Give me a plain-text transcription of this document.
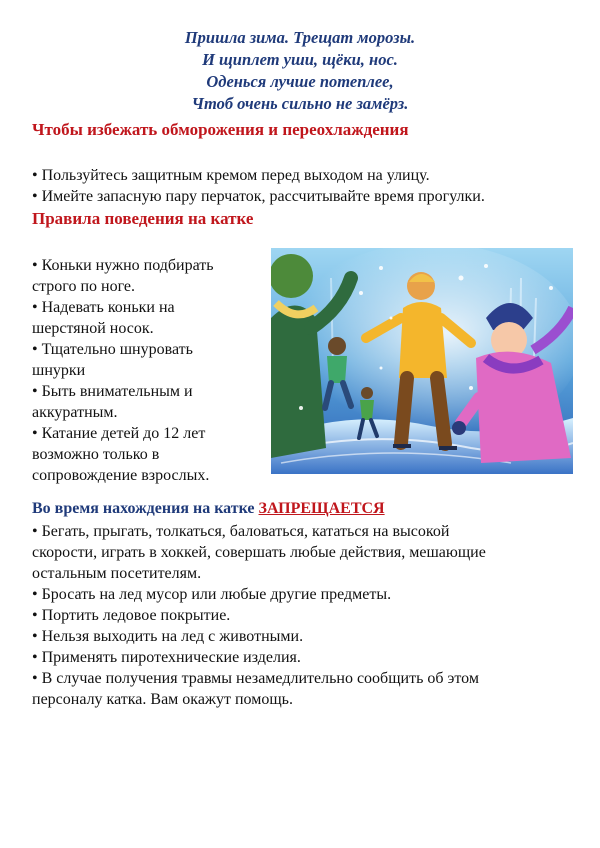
Пришла зима. Трещат морозы.
И щиплет уши, щёки, нос.
Оденься лучше потеплее,
Чтоб очень сильно не замёрз.
Чтобы избежать обморожения и переохлаждения
• Пользуйтесь защитным кремом перед выходом на улицу.
• Имейте запасную пару перчаток, рассчитывайте время прогулки.
Правила поведения на катке
• Коньки нужно подбирать
строго по ноге.
• Надевать коньки на
шерстяной носок.
• Тщательно шнуровать
шнурки
• Быть внимательным и
аккуратным.
• Катание детей до 12 лет
возможно только в
сопровождение взрослых.
Во время нахождения на катке ЗАПРЕЩАЕТСЯ
• Бегать, прыгать, толкаться, баловаться, кататься на высокой
скорости, играть в хоккей, совершать любые действия, мешающие
остальным посетителям.
• Бросать на лед мусор или любые другие предметы.
• Портить ледовое покрытие.
• Нельзя выходить на лед с животными.
• Применять пиротехнические изделия.
• В случае получения травмы незамедлительно сообщить об этом
персоналу катка. Вам окажут помощь.
